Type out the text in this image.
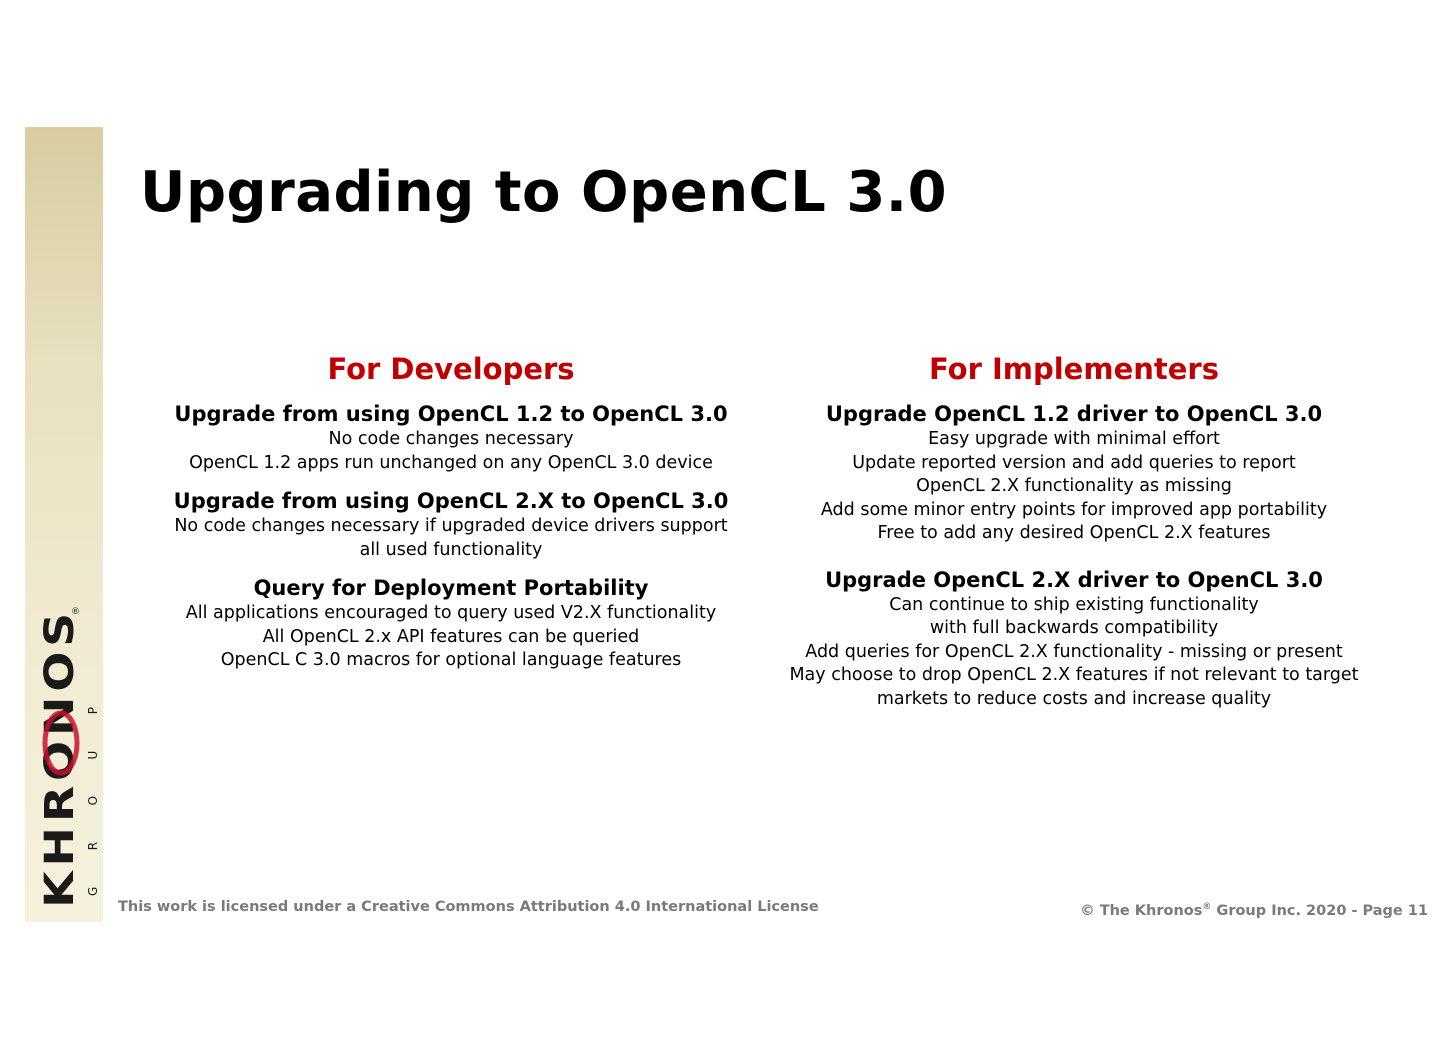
KHRONOS GROUP
®
Upgrading to OpenCL 3.0
For Developers
Upgrade from using OpenCL 1.2 to OpenCL 3.0
No code changes necessary
OpenCL 1.2 apps run unchanged on any OpenCL 3.0 device
Upgrade from using OpenCL 2.X to OpenCL 3.0
No code changes necessary if upgraded device drivers support
all used functionality
Query for Deployment Portability
All applications encouraged to query used V2.X functionality
All OpenCL 2.x API features can be queried
OpenCL C 3.0 macros for optional language features
For Implementers
Upgrade OpenCL 1.2 driver to OpenCL 3.0
Easy upgrade with minimal effort
Update reported version and add queries to report
OpenCL 2.X functionality as missing
Add some minor entry points for improved app portability
Free to add any desired OpenCL 2.X features
Upgrade OpenCL 2.X driver to OpenCL 3.0
Can continue to ship existing functionality
with full backwards compatibility
Add queries for OpenCL 2.X functionality - missing or present
May choose to drop OpenCL 2.X features if not relevant to target
markets to reduce costs and increase quality
This work is licensed under a Creative Commons Attribution 4.0 International License	© The Khronos® Group Inc. 2020 - Page 11
